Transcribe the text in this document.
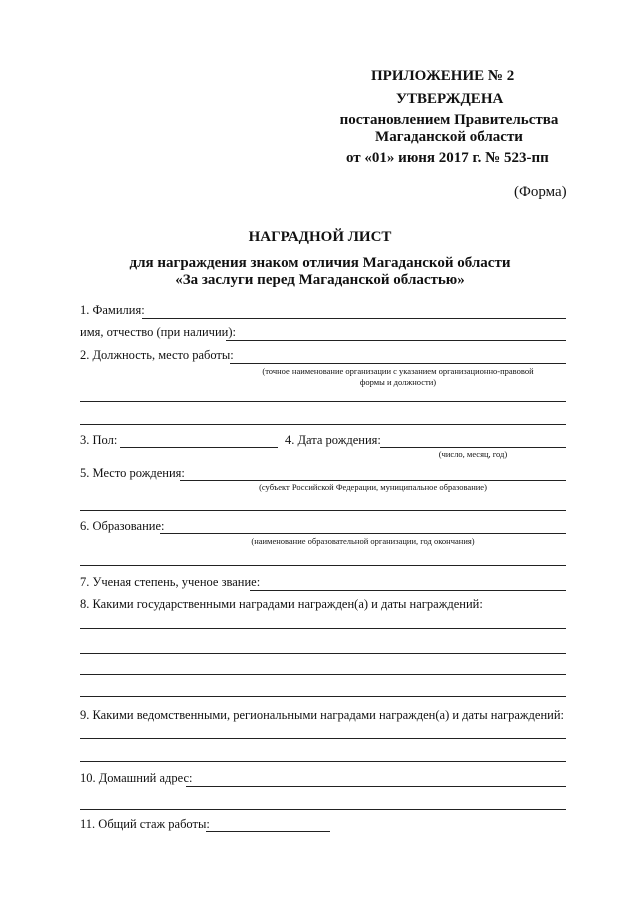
ПРИЛОЖЕНИЕ № 2
УТВЕРЖДЕНА
постановлением Правительства
Магаданской области
от «01» июня 2017 г. № 523-пп
(Форма)
НАГРАДНОЙ ЛИСТ
для награждения знаком отличия Магаданской области
«За заслуги перед Магаданской областью»
1. Фамилия:
имя, отчество (при наличии):
2. Должность, место работы:
(точное наименование организации с указанием организационно-правовой
формы и должности)
3. Пол:	4. Дата рождения:
(число, месяц, год)
5. Место рождения:
(субъект Российской Федерации, муниципальное образование)
6. Образование:
(наименование образовательной организации, год окончания)
7. Ученая степень, ученое звание:
8. Какими государственными наградами награжден(а) и даты награждений:
9. Какими ведомственными, региональными наградами награжден(а) и даты награждений:
10. Домашний адрес:
11. Общий стаж работы:
